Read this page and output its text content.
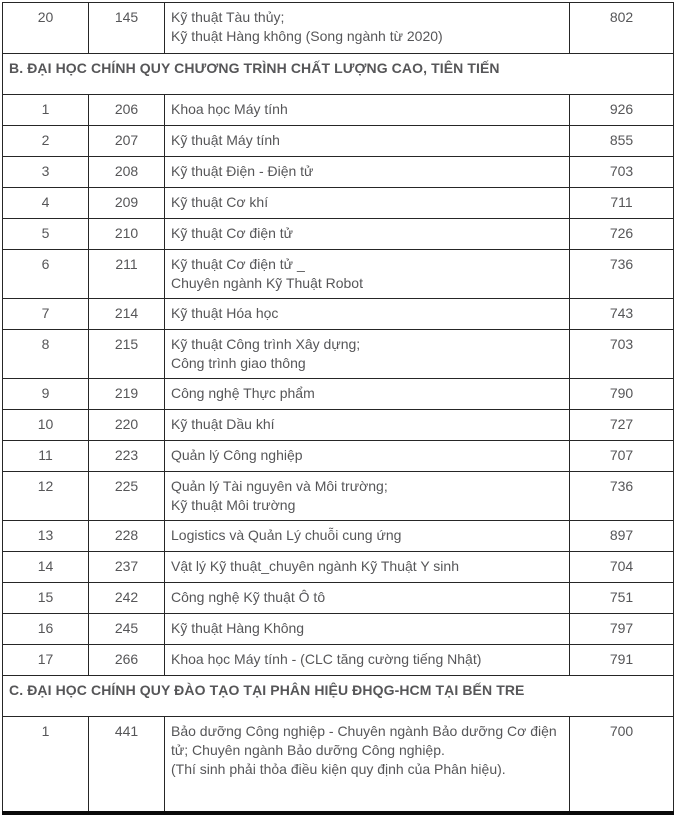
20	145	Kỹ thuật Tàu thủy;
Kỹ thuật Hàng không (Song ngành từ 2020)	802
B. ĐẠI HỌC CHÍNH QUY CHƯƠNG TRÌNH CHẤT LƯỢNG CAO, TIÊN TIẾN			
1	206	Khoa học Máy tính	926
2	207	Kỹ thuật Máy tính	855
3	208	Kỹ thuật Điện - Điện tử	703
4	209	Kỹ thuật Cơ khí	711
5	210	Kỹ thuật Cơ điện tử	726
6	211	Kỹ thuật Cơ điện tử _
Chuyên ngành Kỹ Thuật Robot	736
7	214	Kỹ thuật Hóa học	743
8	215	Kỹ thuật Công trình Xây dựng;
Công trình giao thông	703
9	219	Công nghệ Thực phẩm	790
10	220	Kỹ thuật Dầu khí	727
11	223	Quản lý Công nghiệp	707
12	225	Quản lý Tài nguyên và Môi trường;
Kỹ thuật Môi trường	736
13	228	Logistics và Quản Lý chuỗi cung ứng	897
14	237	Vật lý Kỹ thuật_chuyên ngành Kỹ Thuật Y sinh	704
15	242	Công nghệ Kỹ thuật Ô tô	751
16	245	Kỹ thuật Hàng Không	797
17	266	Khoa học Máy tính - (CLC tăng cường tiếng Nhật)	791
C. ĐẠI HỌC CHÍNH QUY ĐÀO TẠO TẠI PHÂN HIỆU ĐHQG-HCM TẠI BẾN TRE			
1	441	Bảo dưỡng Công nghiệp - Chuyên ngành Bảo dưỡng Cơ điện tử; Chuyên ngành Bảo dưỡng Công nghiệp.
(Thí sinh phải thỏa điều kiện quy định của Phân hiệu).	700
